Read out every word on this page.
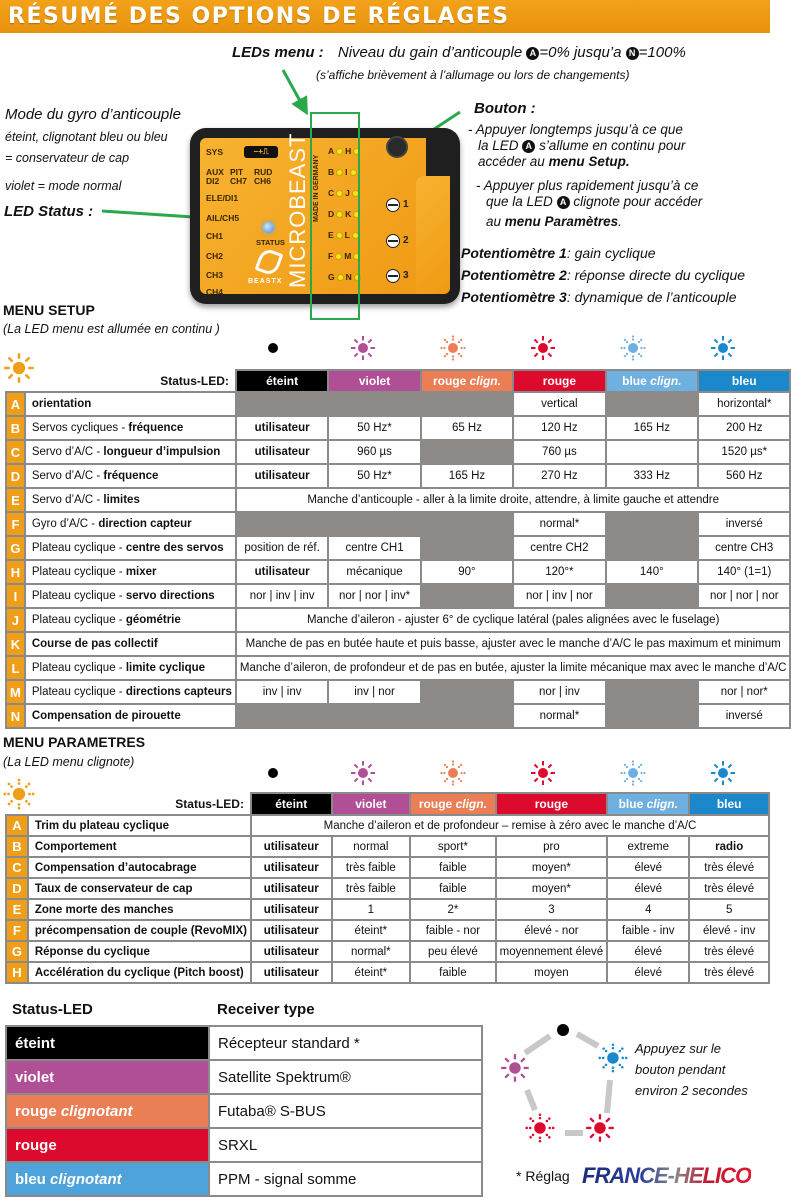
RÉSUMÉ DES OPTIONS DE RÉGLAGES
LEDs menu : Niveau du gain d’anticouple A =0% jusqu’a N =100%
(s’affiche brièvement à l’allumage ou lors de changements)
Mode du gyro d’anticouple
éteint, clignotant bleu ou bleu
= conservateur de cap
violet = mode normal
LED Status :
SYS	−+⎍
AUX
DI2
PIT
CH7
RUD
CH6
ELE/DI1
AIL/CH5
CH1
CH2
CH3
CH4
STATUS
BEASTX MICROBEAST MADE IN GERMANY
A H
B I
C J
D K
E L
F M
G N
1
2
3
Bouton :
- Appuyer longtemps jusqu’à ce que
la LED A s’allume en continu pour
accéder au menu Setup.
- Appuyer plus rapidement jusqu’à ce
que la LED A clignote pour accéder
au menu Paramètres.
Potentiomètre 1: gain cyclique
Potentiomètre 2: réponse directe du cyclique
Potentiomètre 3: dynamique de l’anticouple
MENU SETUP
(La LED menu est allumée en continu )
Status-LED:		éteint	violet	rouge clign.	rouge	blue clign.	bleu
A	orientation				vertical		horizontal*
B	Servos cycliques - fréquence	utilisateur	50 Hz*	65 Hz	120 Hz	165 Hz	200 Hz
C	Servo d’A/C - longueur d’impulsion	utilisateur	960 µs		760 µs		1520 µs*
D	Servo d’A/C - fréquence	utilisateur	50 Hz*	165 Hz	270 Hz	333 Hz	560 Hz
E	Servo d’A/C - limites	Manche d’anticouple - aller à la limite droite, attendre, à limite gauche et attendre					
F	Gyro d’A/C - direction capteur				normal*		inversé
G	Plateau cyclique - centre des servos	position de réf.	centre CH1		centre CH2		centre CH3
H	Plateau cyclique - mixer	utilisateur	mécanique	90°	120°*	140°	140° (1=1)
I	Plateau cyclique - servo directions	nor | inv | inv	nor | nor | inv*		nor | inv | nor		nor | nor | nor
J	Plateau cyclique - géométrie	Manche d’aileron - ajuster 6° de cyclique latéral (pales alignées avec le fuselage)					
K	Course de pas collectif	Manche de pas en butée haute et puis basse, ajuster avec le manche d’A/C le pas maximum et minimum					
L	Plateau cyclique - limite cyclique	Manche d’aileron, de profondeur et de pas en butée, ajuster la limite mécanique max avec le manche d’A/C					
M	Plateau cyclique - directions capteurs	inv | inv	inv | nor		nor | inv		nor | nor*
N	Compensation de pirouette				normal*		inversé
MENU PARAMETRES
(La LED menu clignote)
Status-LED:		éteint	violet	rouge clign.	rouge	blue clign.	bleu
A	Trim du plateau cyclique	Manche d’aileron et de profondeur – remise à zéro avec le manche d’A/C					
B	Comportement	utilisateur	normal	sport*	pro	extreme	radio
C	Compensation d’autocabrage	utilisateur	très faible	faible	moyen*	élevé	très élevé
D	Taux de conservateur de cap	utilisateur	très faible	faible	moyen*	élevé	très élevé
E	Zone morte des manches	utilisateur	1	2*	3	4	5
F	précompensation de couple (RevoMIX)	utilisateur	éteint*	faible - nor	élevé - nor	faible - inv	élevé - inv
G	Réponse du cyclique	utilisateur	normal*	peu élevé	moyennement élevé	élevé	très élevé
H	Accélération du cyclique (Pitch boost)	utilisateur	éteint*	faible	moyen	élevé	très élevé
Status-LED	Receiver type
éteint	Récepteur standard *
violet	Satellite Spektrum®
rouge clignotant	Futaba® S-BUS
rouge	SRXL
bleu clignotant	PPM - signal somme
Appuyez sur le
bouton pendant
environ 2 secondes
* Réglag FRANCE-HELICO
